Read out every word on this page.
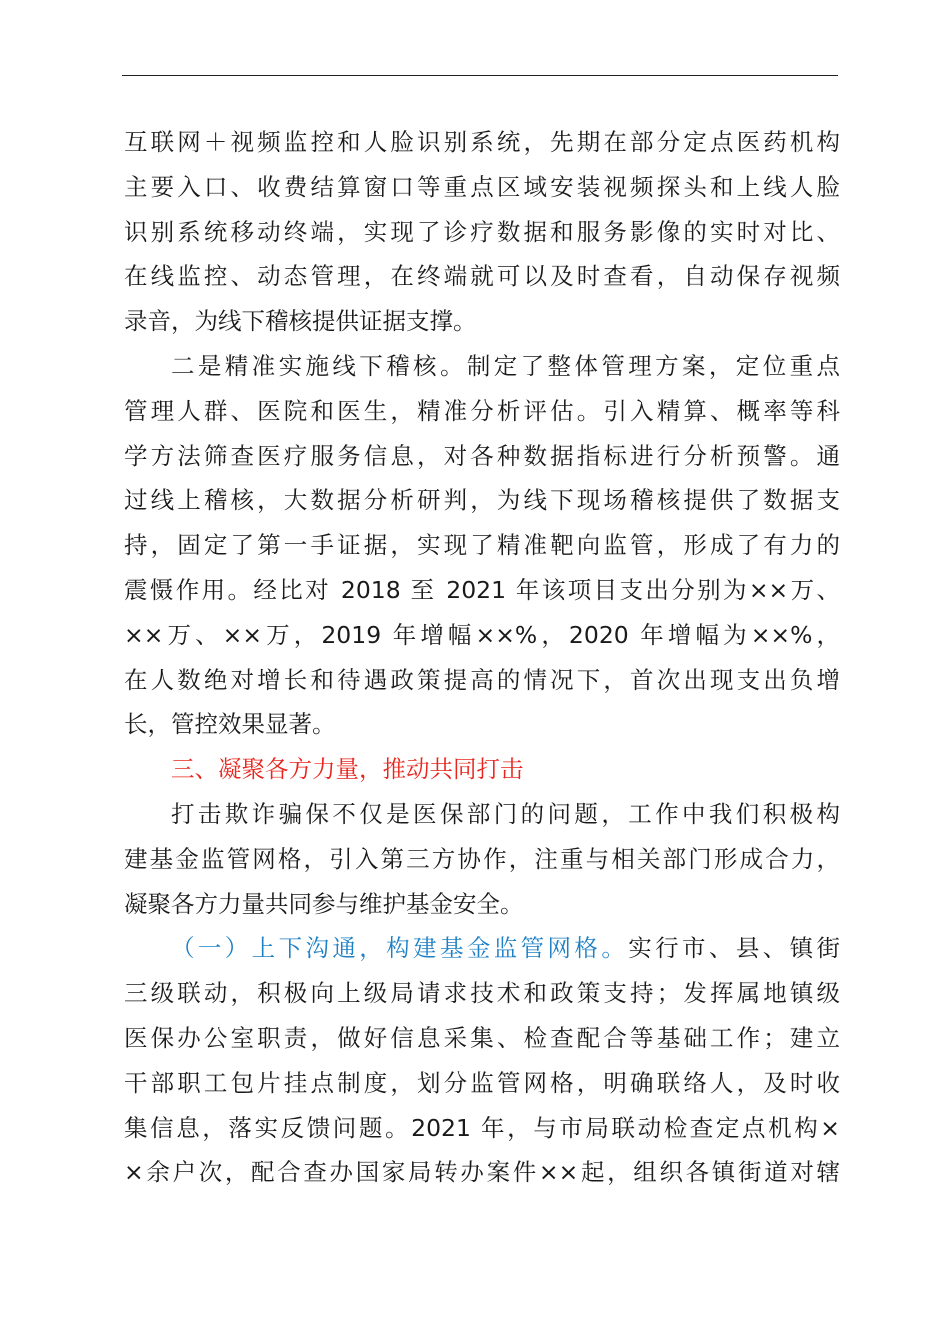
互联网＋视频监控和人脸识别系统，先期在部分定点医药机构
主要入口、收费结算窗口等重点区域安装视频探头和上线人脸
识别系统移动终端，实现了诊疗数据和服务影像的实时对比、
在线监控、动态管理，在终端就可以及时查看，自动保存视频
录音，为线下稽核提供证据支撑。
二是精准实施线下稽核。制定了整体管理方案，定位重点
管理人群、医院和医生，精准分析评估。引入精算、概率等科
学方法筛查医疗服务信息，对各种数据指标进行分析预警。通
过线上稽核，大数据分析研判，为线下现场稽核提供了数据支
持，固定了第一手证据，实现了精准靶向监管，形成了有力的
震慑作用。经比对 2018 至 2021 年该项目支出分别为××万、
××万、××万，2019 年增幅××%，2020 年增幅为××%，
在人数绝对增长和待遇政策提高的情况下，首次出现支出负增
长，管控效果显著。
三、凝聚各方力量，推动共同打击
打击欺诈骗保不仅是医保部门的问题，工作中我们积极构
建基金监管网格，引入第三方协作，注重与相关部门形成合力，
凝聚各方力量共同参与维护基金安全。
（一）上下沟通，构建基金监管网格。实行市、县、镇街
三级联动，积极向上级局请求技术和政策支持；发挥属地镇级
医保办公室职责，做好信息采集、检查配合等基础工作；建立
干部职工包片挂点制度，划分监管网格，明确联络人，及时收
集信息，落实反馈问题。2021 年，与市局联动检查定点机构×
×余户次，配合查办国家局转办案件××起，组织各镇街道对辖
